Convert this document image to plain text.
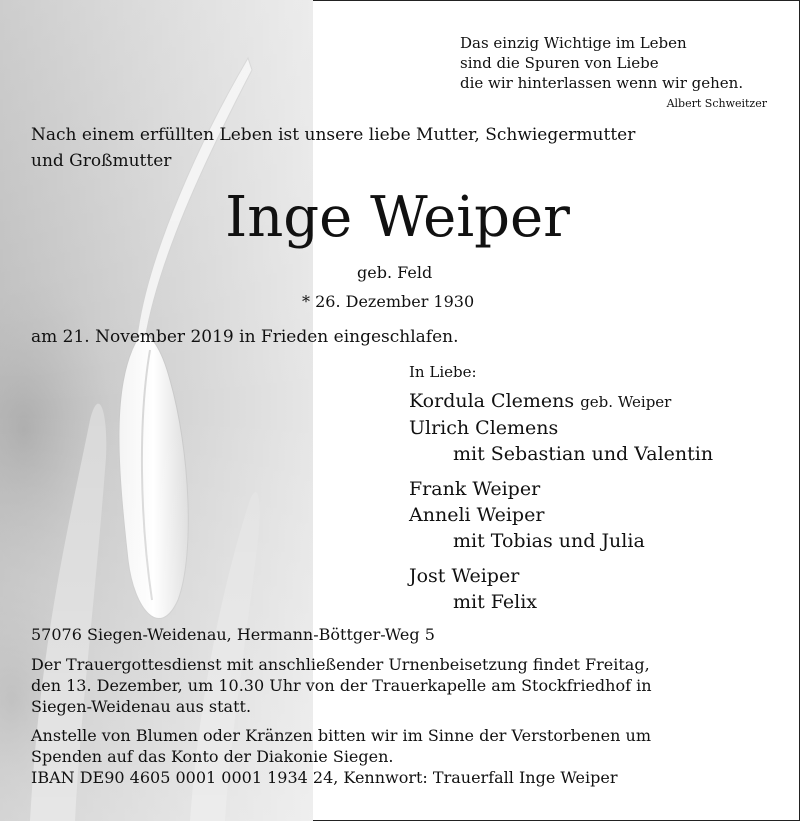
Das einzig Wichtige im Leben
sind die Spuren von Liebe
die wir hinterlassen wenn wir gehen.
Albert Schweitzer
Nach einem erfüllten Leben ist unsere liebe Mutter, Schwiegermutter
und Großmutter
Inge Weiper
geb. Feld
* 26. Dezember 1930
am 21. November 2019 in Frieden eingeschlafen.
In Liebe:
Kordula Clemens geb. Weiper
Ulrich Clemens
mit Sebastian und Valentin
Frank Weiper
Anneli Weiper
mit Tobias und Julia
Jost Weiper
mit Felix
57076 Siegen-Weidenau, Hermann-Böttger-Weg 5
Der Trauergottesdienst mit anschließender Urnenbeisetzung findet Freitag,
den 13. Dezember, um 10.30 Uhr von der Trauerkapelle am Stockfriedhof in
Siegen-Weidenau aus statt.
Anstelle von Blumen oder Kränzen bitten wir im Sinne der Verstorbenen um
Spenden auf das Konto der Diakonie Siegen.
IBAN DE90 4605 0001 0001 1934 24, Kennwort: Trauerfall Inge Weiper
